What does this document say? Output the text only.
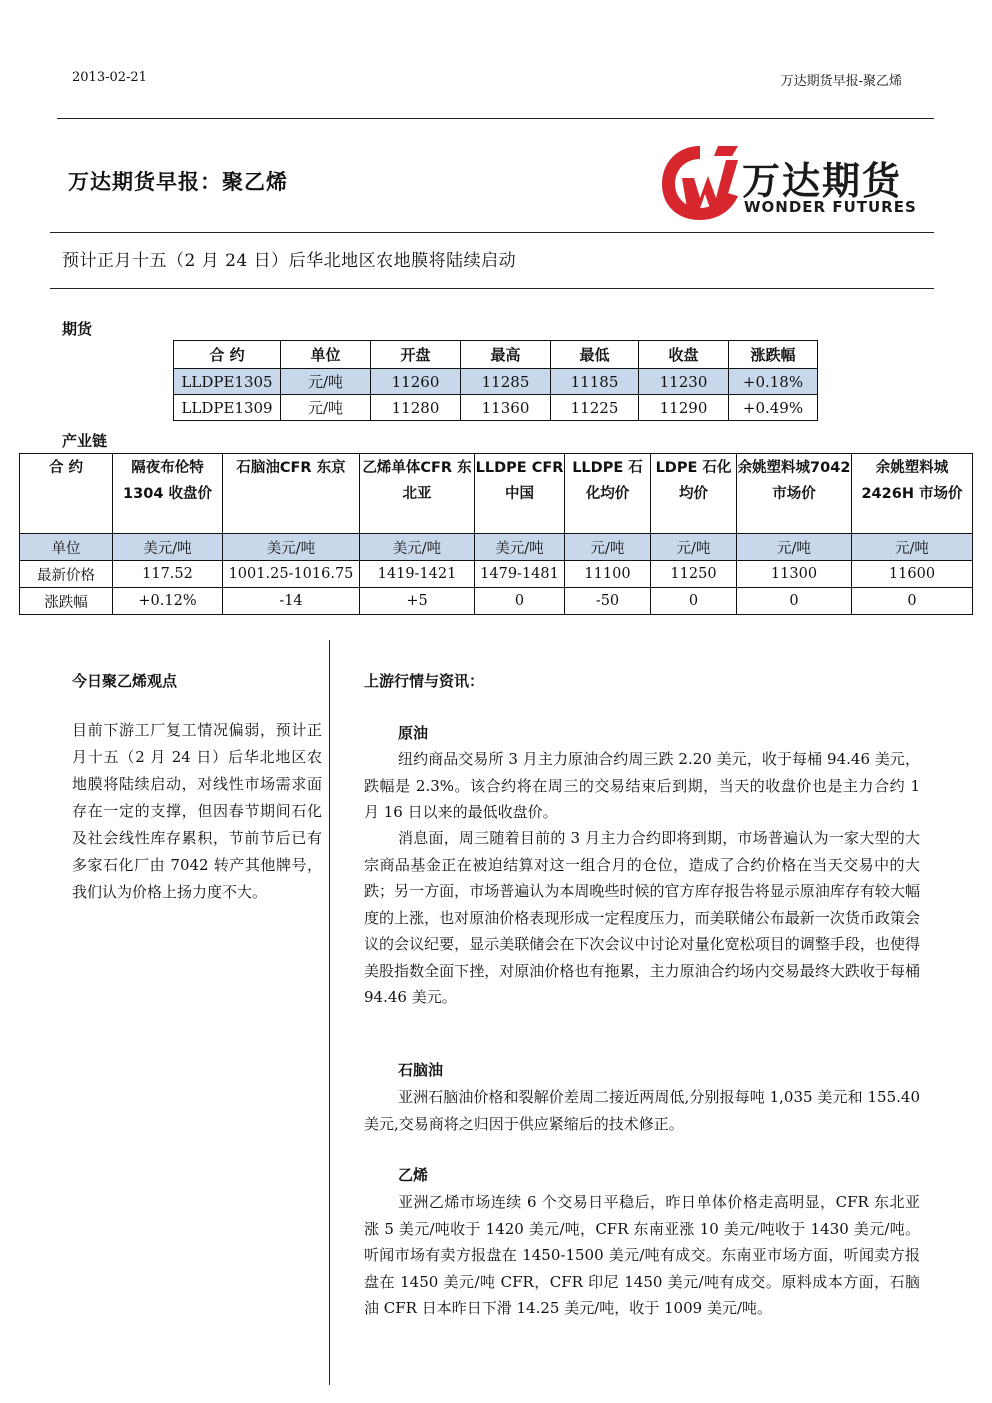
2013-02-21	万达期货早报-聚乙烯
万达期货早报：聚乙烯	万达期货
WONDER FUTURES
预计正月十五（2 月 24 日）后华北地区农地膜将陆续启动
期货
合 约	单位	开盘	最高	最低	收盘	涨跌幅
LLDPE1305	元/吨	11260	11285	11185	11230	+0.18%
LLDPE1309	元/吨	11280	11360	11225	11290	+0.49%
产业链
合 约	隔夜布伦特1304 收盘价	石脑油CFR 东京	乙烯单体CFR 东北亚	LLDPE CFR 中国	LLDPE 石化均价	LDPE 石化均价	余姚塑料城7042 市场价	余姚塑料城2426H 市场价
单位	美元/吨	美元/吨	美元/吨	美元/吨	元/吨	元/吨	元/吨	元/吨
最新价格	117.52	1001.25-1016.75	1419-1421	1479-1481	11100	11250	11300	11600
涨跌幅	+0.12%	-14	+5	0	-50	0	0	0
今日聚乙烯观点
目前下游工厂复工情况偏弱，预计正月十五（2 月 24 日）后华北地区农地膜将陆续启动，对线性市场需求面存在一定的支撑，但因春节期间石化及社会线性库存累积，节前节后已有多家石化厂由 7042 转产其他牌号，我们认为价格上扬力度不大。
上游行情与资讯：
原油
纽约商品交易所 3 月主力原油合约周三跌 2.20 美元，收于每桶 94.46 美元，跌幅是 2.3%。该合约将在周三的交易结束后到期，当天的收盘价也是主力合约 1 月 16 日以来的最低收盘价。
消息面，周三随着目前的 3 月主力合约即将到期，市场普遍认为一家大型的大宗商品基金正在被迫结算对这一组合月的仓位，造成了合约价格在当天交易中的大跌；另一方面，市场普遍认为本周晚些时候的官方库存报告将显示原油库存有较大幅度的上涨，也对原油价格表现形成一定程度压力，而美联储公布最新一次货币政策会议的会议纪要，显示美联储会在下次会议中讨论对量化宽松项目的调整手段，也使得美股指数全面下挫，对原油价格也有拖累，主力原油合约场内交易最终大跌收于每桶 94.46 美元。
石脑油
亚洲石脑油价格和裂解价差周二接近两周低,分别报每吨 1,035 美元和 155.40 美元,交易商将之归因于供应紧缩后的技术修正。
乙烯
亚洲乙烯市场连续 6 个交易日平稳后，昨日单体价格走高明显，CFR 东北亚涨 5 美元/吨收于 1420 美元/吨，CFR 东南亚涨 10 美元/吨收于 1430 美元/吨。听闻市场有卖方报盘在 1450-1500 美元/吨有成交。东南亚市场方面，听闻卖方报盘在 1450 美元/吨 CFR，CFR 印尼 1450 美元/吨有成交。原料成本方面，石脑油 CFR 日本昨日下滑 14.25 美元/吨，收于 1009 美元/吨。
